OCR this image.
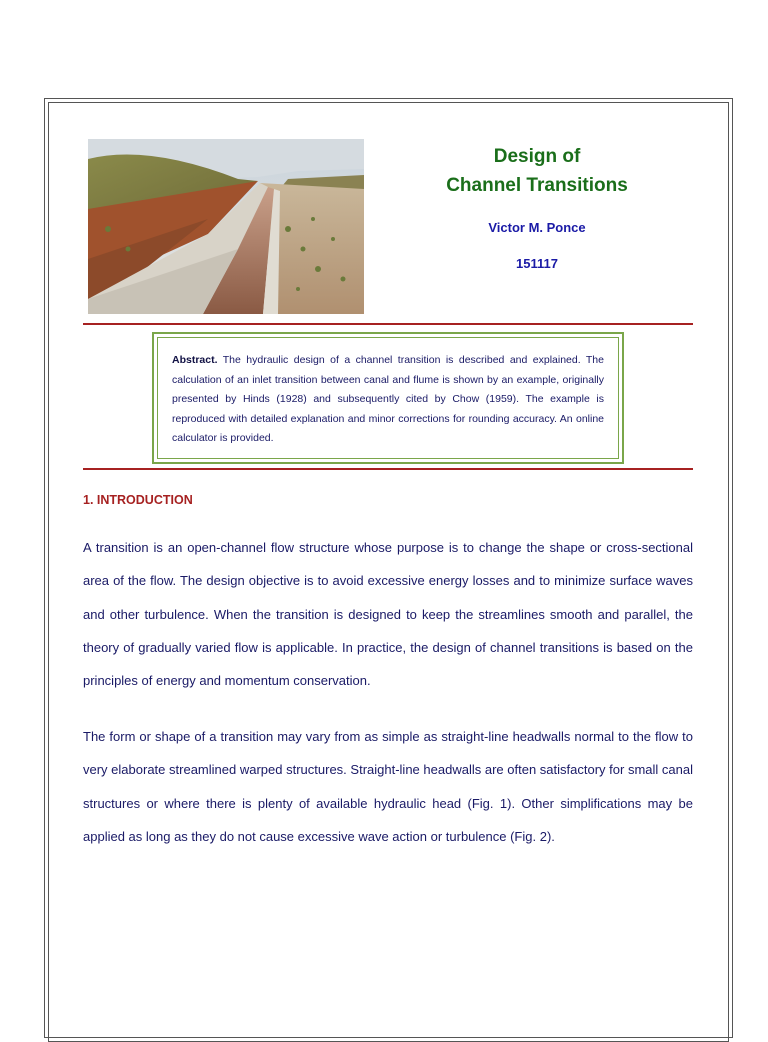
Design of

Channel Transitions

Victor M. Ponce
151117
Abstract. The hydraulic design of a channel transition is described and explained. The calculation of an inlet transition between canal and flume is shown by an example, originally presented by Hinds (1928) and subsequently cited by Chow (1959). The example is reproduced with detailed explanation and minor corrections for rounding accuracy. An online calculator is provided.
1. INTRODUCTION

A transition is an open-channel flow structure whose purpose is to change the shape or cross-sectional area of the flow. The design objective is to avoid excessive energy losses and to minimize surface waves and other turbulence. When the transition is designed to keep the streamlines smooth and parallel, the theory of gradually varied flow is applicable. In practice, the design of channel transitions is based on the principles of energy and momentum conservation.

The form or shape of a transition may vary from as simple as straight-line headwalls normal to the flow to very elaborate streamlined warped structures. Straight-line headwalls are often satisfactory for small canal structures or where there is plenty of available hydraulic head (Fig. 1). Other simplifications may be applied as long as they do not cause excessive wave action or turbulence (Fig. 2).
